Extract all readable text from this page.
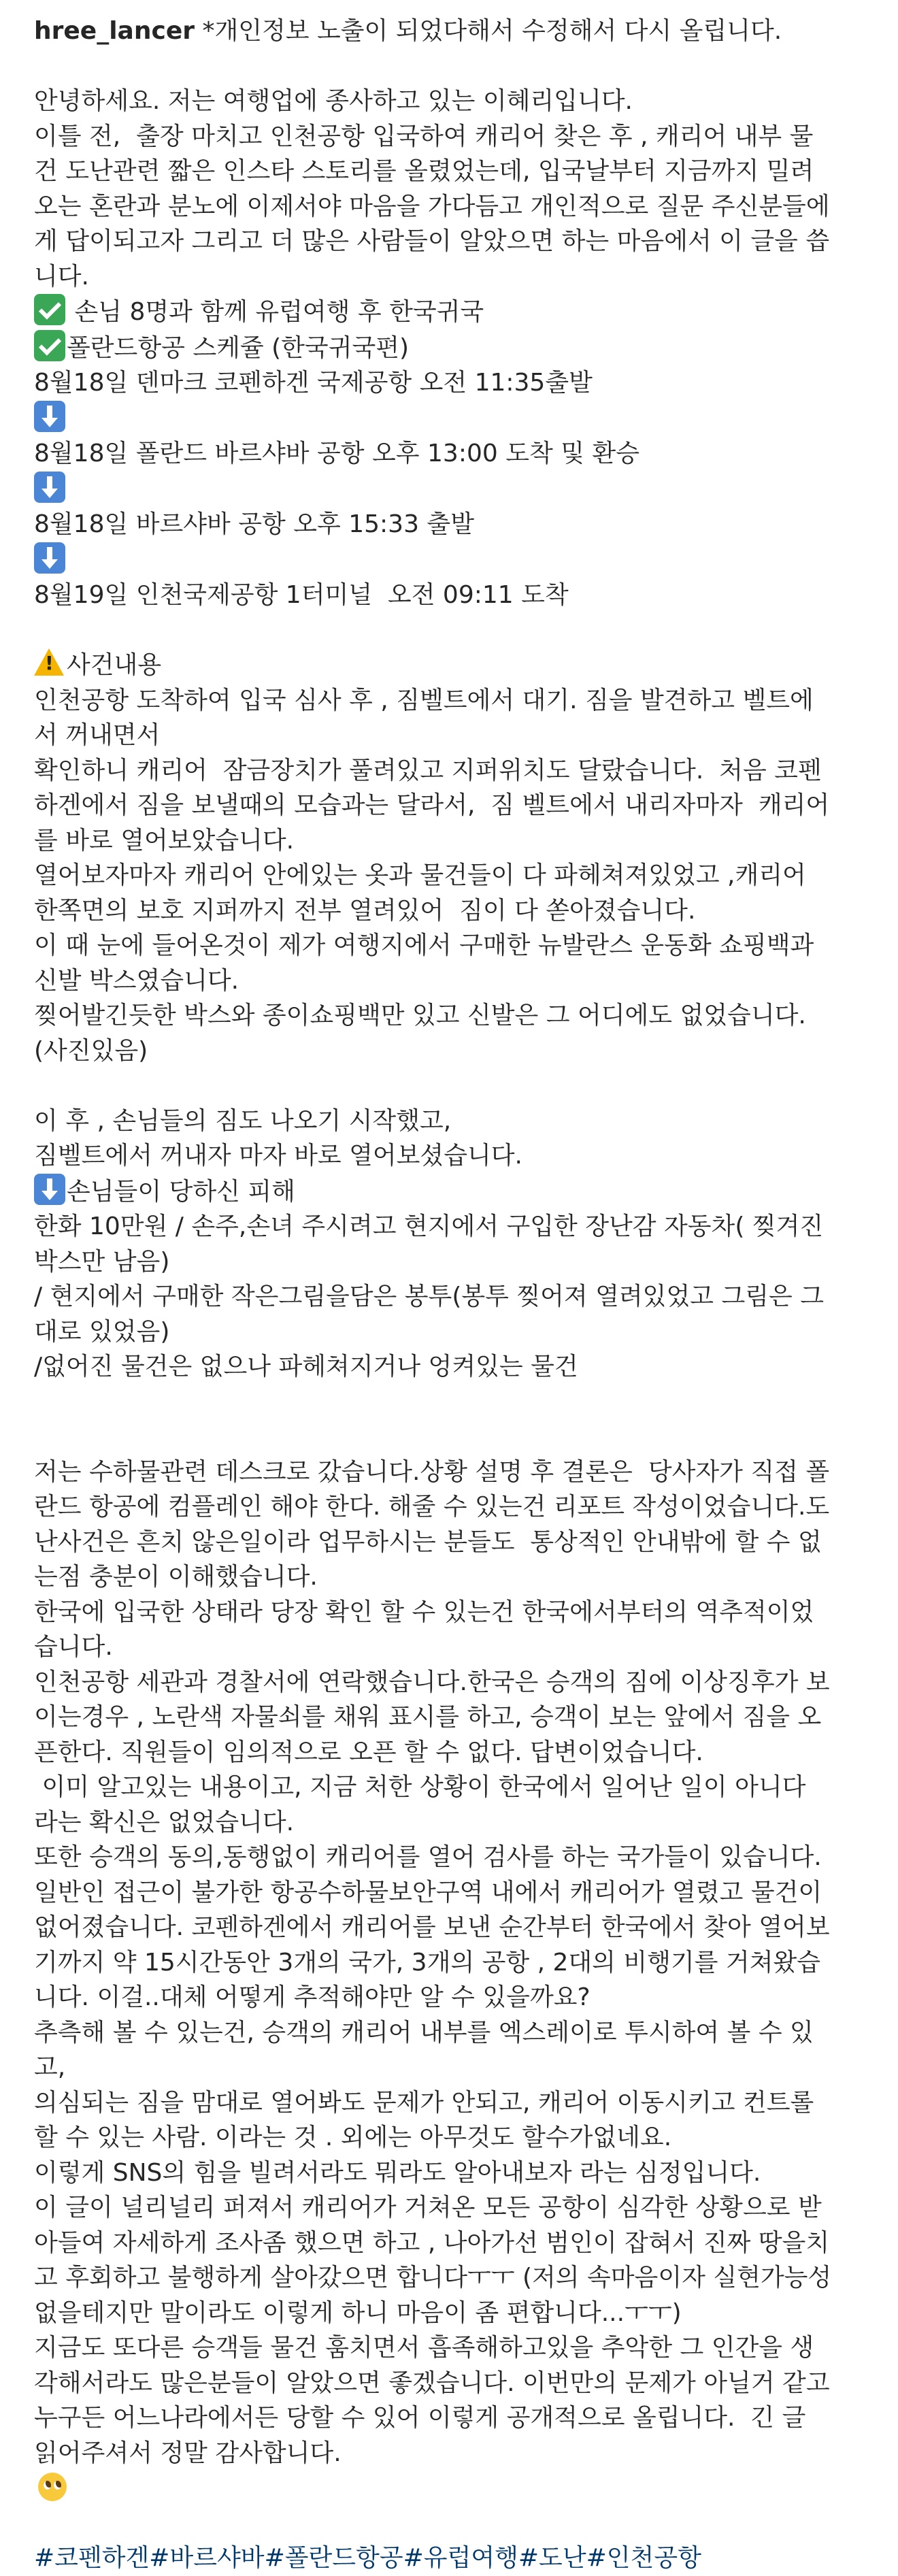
hree_lancer *개인정보 노출이 되었다해서 수정해서 다시 올립니다.
안녕하세요. 저는 여행업에 종사하고 있는 이혜리입니다.
이틀 전,  출장 마치고 인천공항 입국하여 캐리어 찾은 후 , 캐리어 내부 물
건 도난관련 짧은 인스타 스토리를 올렸었는데, 입국날부터 지금까지 밀려
오는 혼란과 분노에 이제서야 마음을 가다듬고 개인적으로 질문 주신분들에
게 답이되고자 그리고 더 많은 사람들이 알았으면 하는 마음에서 이 글을 씁
니다.
손님 8명과 함께 유럽여행 후 한국귀국
폴란드항공 스케쥴 (한국귀국편)
8월18일 덴마크 코펜하겐 국제공항 오전 11:35출발
8월18일 폴란드 바르샤바 공항 오후 13:00 도착 및 환승
8월18일 바르샤바 공항 오후 15:33 출발
8월19일 인천국제공항 1터미널  오전 09:11 도착
!사건내용
인천공항 도착하여 입국 심사 후 , 짐벨트에서 대기. 짐을 발견하고 벨트에
서 꺼내면서
확인하니 캐리어  잠금장치가 풀려있고 지퍼위치도 달랐습니다.  처음 코펜
하겐에서 짐을 보낼때의 모습과는 달라서,  짐 벨트에서 내리자마자  캐리어
를 바로 열어보았습니다.
열어보자마자 캐리어 안에있는 옷과 물건들이 다 파헤쳐져있었고 ,캐리어
한쪽면의 보호 지퍼까지 전부 열려있어  짐이 다 쏟아졌습니다.
이 때 눈에 들어온것이 제가 여행지에서 구매한 뉴발란스 운동화 쇼핑백과
신발 박스였습니다.
찢어발긴듯한 박스와 종이쇼핑백만 있고 신발은 그 어디에도 없었습니다.
(사진있음)
이 후 , 손님들의 짐도 나오기 시작했고,
짐벨트에서 꺼내자 마자 바로 열어보셨습니다.
손님들이 당하신 피해
한화 10만원 / 손주,손녀 주시려고 현지에서 구입한 장난감 자동차( 찢겨진
박스만 남음)
/ 현지에서 구매한 작은그림을담은 봉투(봉투 찢어져 열려있었고 그림은 그
대로 있었음)
/없어진 물건은 없으나 파헤쳐지거나 엉켜있는 물건
저는 수하물관련 데스크로 갔습니다.상황 설명 후 결론은  당사자가 직접 폴
란드 항공에 컴플레인 해야 한다. 해줄 수 있는건 리포트 작성이었습니다.도
난사건은 흔치 않은일이라 업무하시는 분들도  통상적인 안내밖에 할 수 없
는점 충분이 이해했습니다.
한국에 입국한 상태라 당장 확인 할 수 있는건 한국에서부터의 역추적이었
습니다.
인천공항 세관과 경찰서에 연락했습니다.한국은 승객의 짐에 이상징후가 보
이는경우 , 노란색 자물쇠를 채워 표시를 하고, 승객이 보는 앞에서 짐을 오
픈한다. 직원들이 임의적으로 오픈 할 수 없다. 답변이었습니다.
이미 알고있는 내용이고, 지금 처한 상황이 한국에서 일어난 일이 아니다
라는 확신은 없었습니다.
또한 승객의 동의,동행없이 캐리어를 열어 검사를 하는 국가들이 있습니다.
일반인 접근이 불가한 항공수하물보안구역 내에서 캐리어가 열렸고 물건이
없어졌습니다. 코펜하겐에서 캐리어를 보낸 순간부터 한국에서 찾아 열어보
기까지 약 15시간동안 3개의 국가, 3개의 공항 , 2대의 비행기를 거쳐왔습
니다. 이걸..대체 어떻게 추적해야만 알 수 있을까요?
추측해 볼 수 있는건, 승객의 캐리어 내부를 엑스레이로 투시하여 볼 수 있
고,
의심되는 짐을 맘대로 열어봐도 문제가 안되고, 캐리어 이동시키고 컨트롤
할 수 있는 사람. 이라는 것 . 외에는 아무것도 할수가없네요.
이렇게 SNS의 힘을 빌려서라도 뭐라도 알아내보자 라는 심정입니다.
이 글이 널리널리 퍼져서 캐리어가 거쳐온 모든 공항이 심각한 상황으로 받
아들여 자세하게 조사좀 했으면 하고 , 나아가선 범인이 잡혀서 진짜 땅을치
고 후회하고 불행하게 살아갔으면 합니다ㅜㅜ (저의 속마음이자 실현가능성
없을테지만 말이라도 이렇게 하니 마음이 좀 편합니다...ㅜㅜ)
지금도 또다른 승객들 물건 훔치면서 흡족해하고있을 추악한 그 인간을 생
각해서라도 많은분들이 알았으면 좋겠습니다. 이번만의 문제가 아닐거 같고
누구든 어느나라에서든 당할 수 있어 이렇게 공개적으로 올립니다.  긴 글
읽어주셔서 정말 감사합니다.
#코펜하겐#바르샤바#폴란드항공#유럽여행#도난#인천공항
